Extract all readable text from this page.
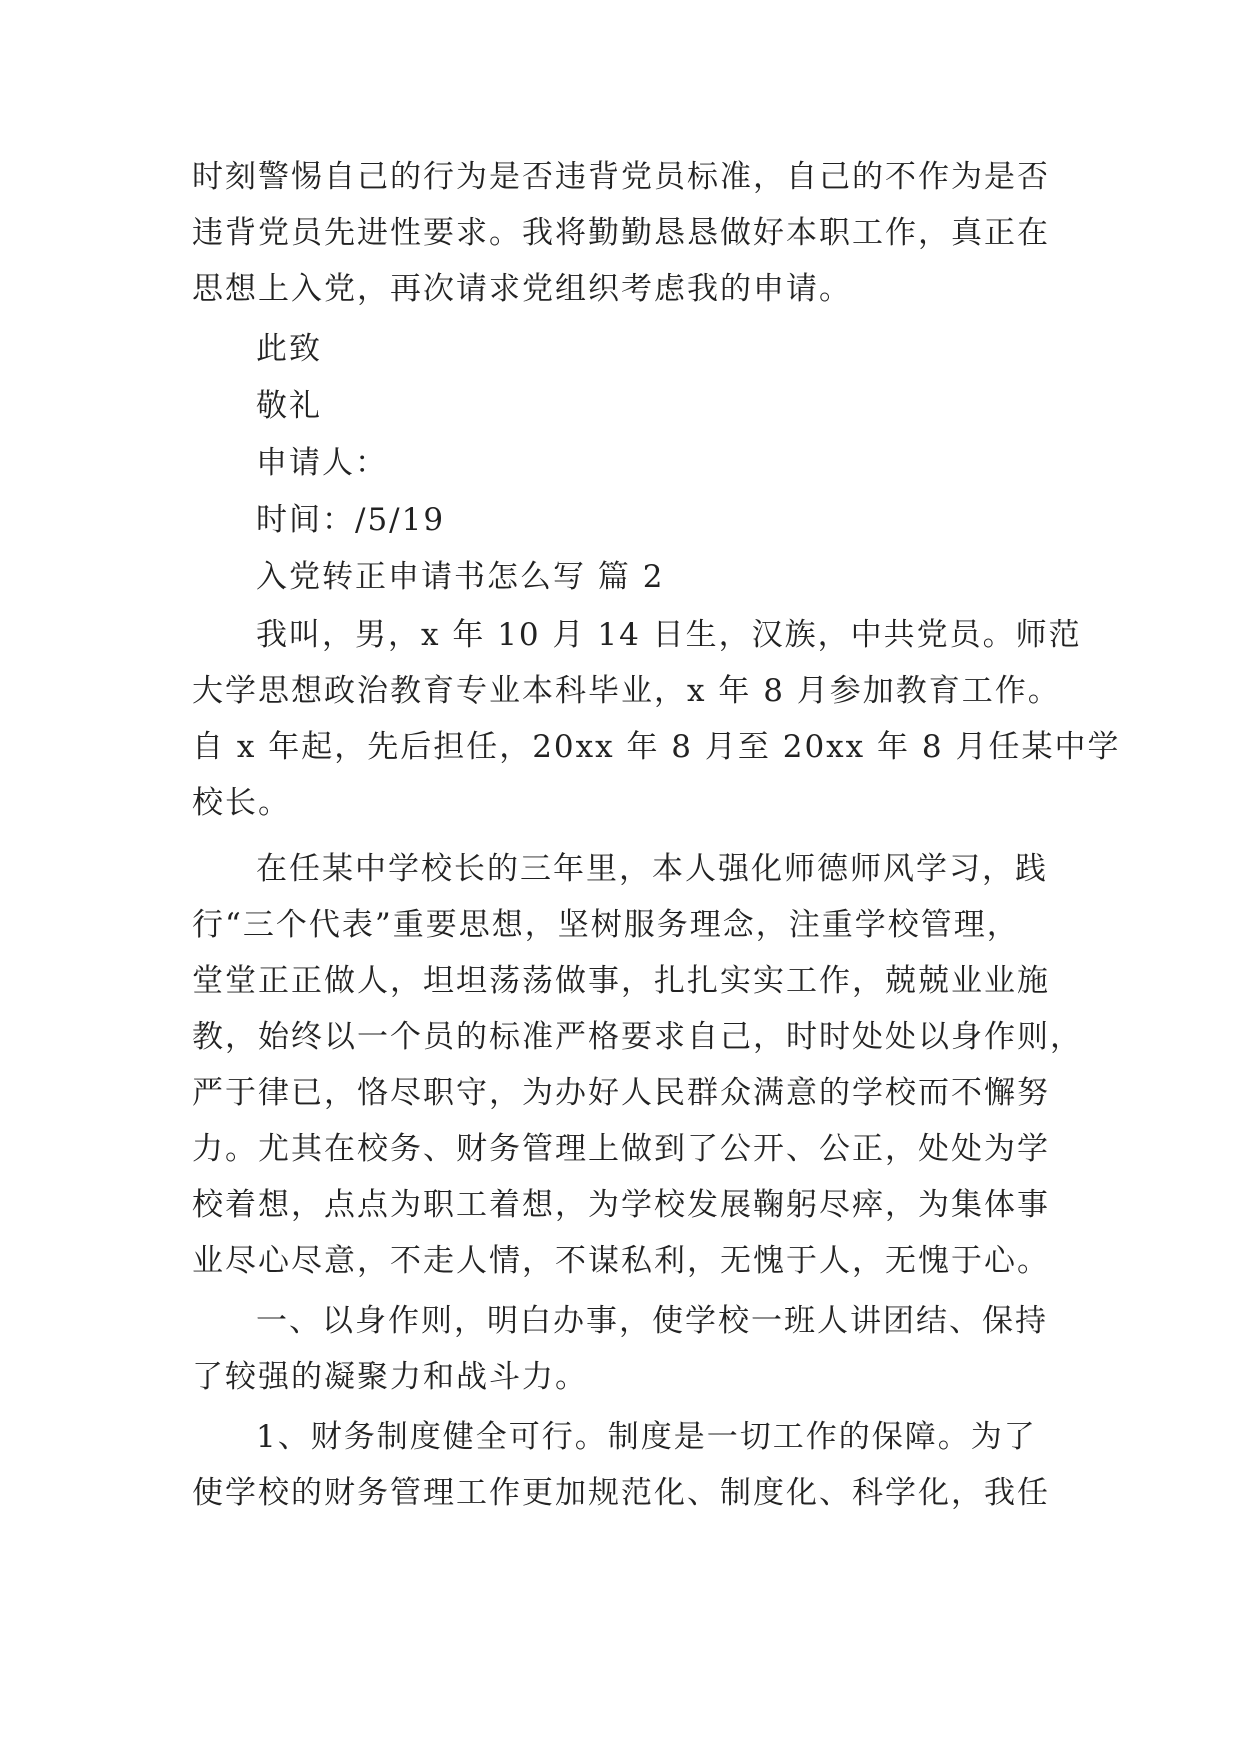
时刻警惕自己的行为是否违背党员标准，自己的不作为是否
违背党员先进性要求。我将勤勤恳恳做好本职工作，真正在
思想上入党，再次请求党组织考虑我的申请。
此致
敬礼
申请人：
时间：/5/19
入党转正申请书怎么写 篇 2
我叫，男，x 年 10 月 14 日生，汉族，中共党员。师范
大学思想政治教育专业本科毕业，x 年 8 月参加教育工作。
自 x 年起，先后担任，20xx 年 8 月至 20xx 年 8 月任某中学
校长。
在任某中学校长的三年里，本人强化师德师风学习，践
行“三个代表”重要思想，坚树服务理念，注重学校管理，
堂堂正正做人，坦坦荡荡做事，扎扎实实工作，兢兢业业施
教，始终以一个员的标准严格要求自己，时时处处以身作则，
严于律已，恪尽职守，为办好人民群众满意的学校而不懈努
力。尤其在校务、财务管理上做到了公开、公正，处处为学
校着想，点点为职工着想，为学校发展鞠躬尽瘁，为集体事
业尽心尽意，不走人情，不谋私利，无愧于人，无愧于心。
一、以身作则，明白办事，使学校一班人讲团结、保持
了较强的凝聚力和战斗力。
1、财务制度健全可行。制度是一切工作的保障。为了
使学校的财务管理工作更加规范化、制度化、科学化，我任
